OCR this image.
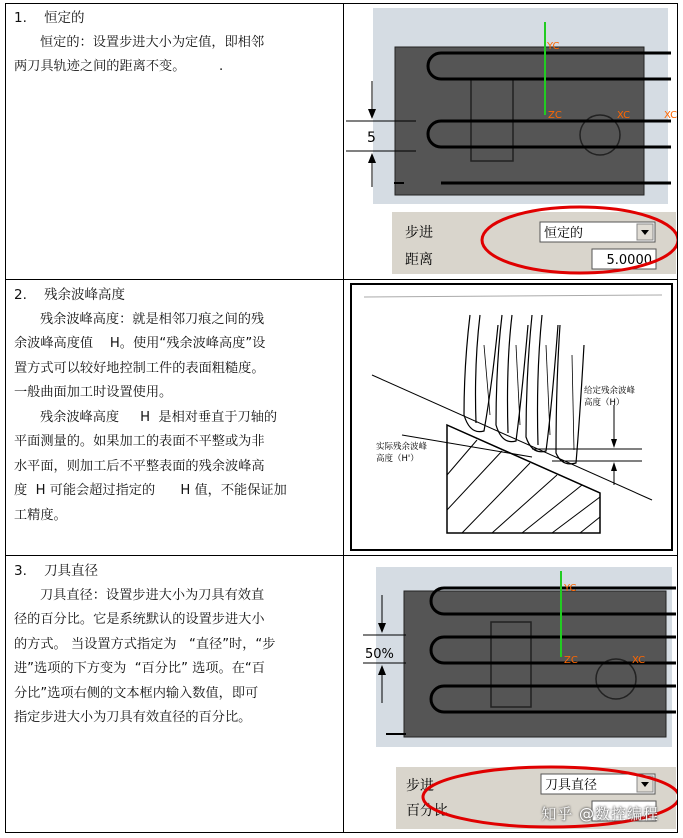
1. 恒定的

恒定的：设置步进大小为定值，即相邻

两刀具轨迹之间的距离不变。        .

YC
ZC	XC	XC
5
步进
距离
恒定的
5.0000

2. 残余波峰高度

残余波峰高度：就是相邻刀痕之间的残

余波峰高度值    H。使用“残余波峰高度”设

置方式可以较好地控制工件的表面粗糙度。

一般曲面加工时设置使用。

残余波峰高度     H  是相对垂直于刀轴的

平面测量的。如果加工的表面不平整或为非

水平面，则加工后不平整表面的残余波峰高

度  H 可能会超过指定的      H 值，不能保证加

工精度。

给定残余波峰
高度（H）
实际残余波峰
高度（H'）

3. 刀具直径

刀具直径：设置步进大小为刀具有效直

径的百分比。它是系统默认的设置步进大小

的方式。 当设置方式指定为   “直径”时，“步

进”选项的下方变为  “百分比” 选项。在“百

分比”选项右侧的文本框内输入数值，即可

指定步进大小为刀具有效直径的百分比。

YC
ZC	XC
50%
步进
百分比
刀具直径
知乎 @数控编程
